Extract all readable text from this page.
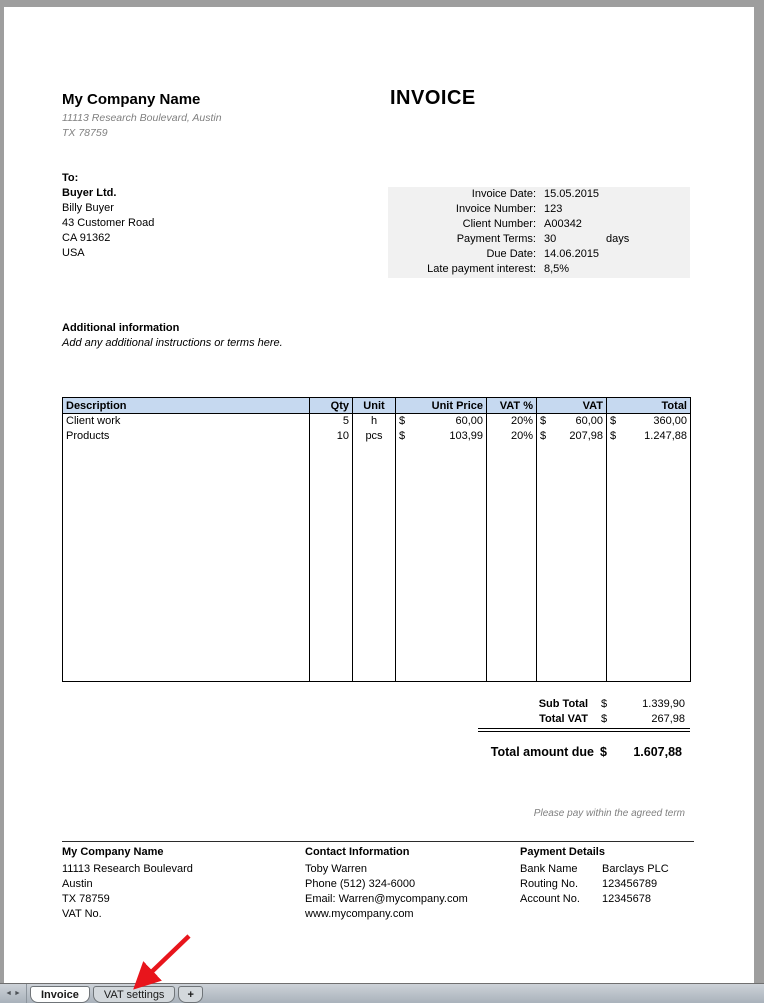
My Company Name
11113 Research Boulevard, Austin
TX 78759
INVOICE
To:
Buyer Ltd.
Billy Buyer
43 Customer Road
CA 91362
USA
Invoice Date: 15.05.2015
Invoice Number: 123
Client Number: A00342
Payment Terms: 30	days
Due Date: 14.06.2015
Late payment interest: 8,5%
Additional information
Add any additional instructions or terms here.
Description	Qty	Unit	Unit Price	VAT %	VAT	Total
Client work	5	h	$ 60,00	20%	$ 60,00	$ 360,00

Products	10	pcs	$ 103,99	20%	$ 207,98	$ 1.247,88

Sub Total	$	1.339,90
Total VAT	$	267,98
Total amount due $	1.607,88
Please pay within the agreed term
My Company Name
11113 Research Boulevard
Austin
TX 78759
VAT No.
Contact Information
Toby Warren
Phone (512) 324-6000
Email: Warren@mycompany.com
www.mycompany.com
Payment Details
Bank Name	Barclays PLC
Routing No.	123456789
Account No.	12345678
◄ ►	Invoice	VAT settings	+
